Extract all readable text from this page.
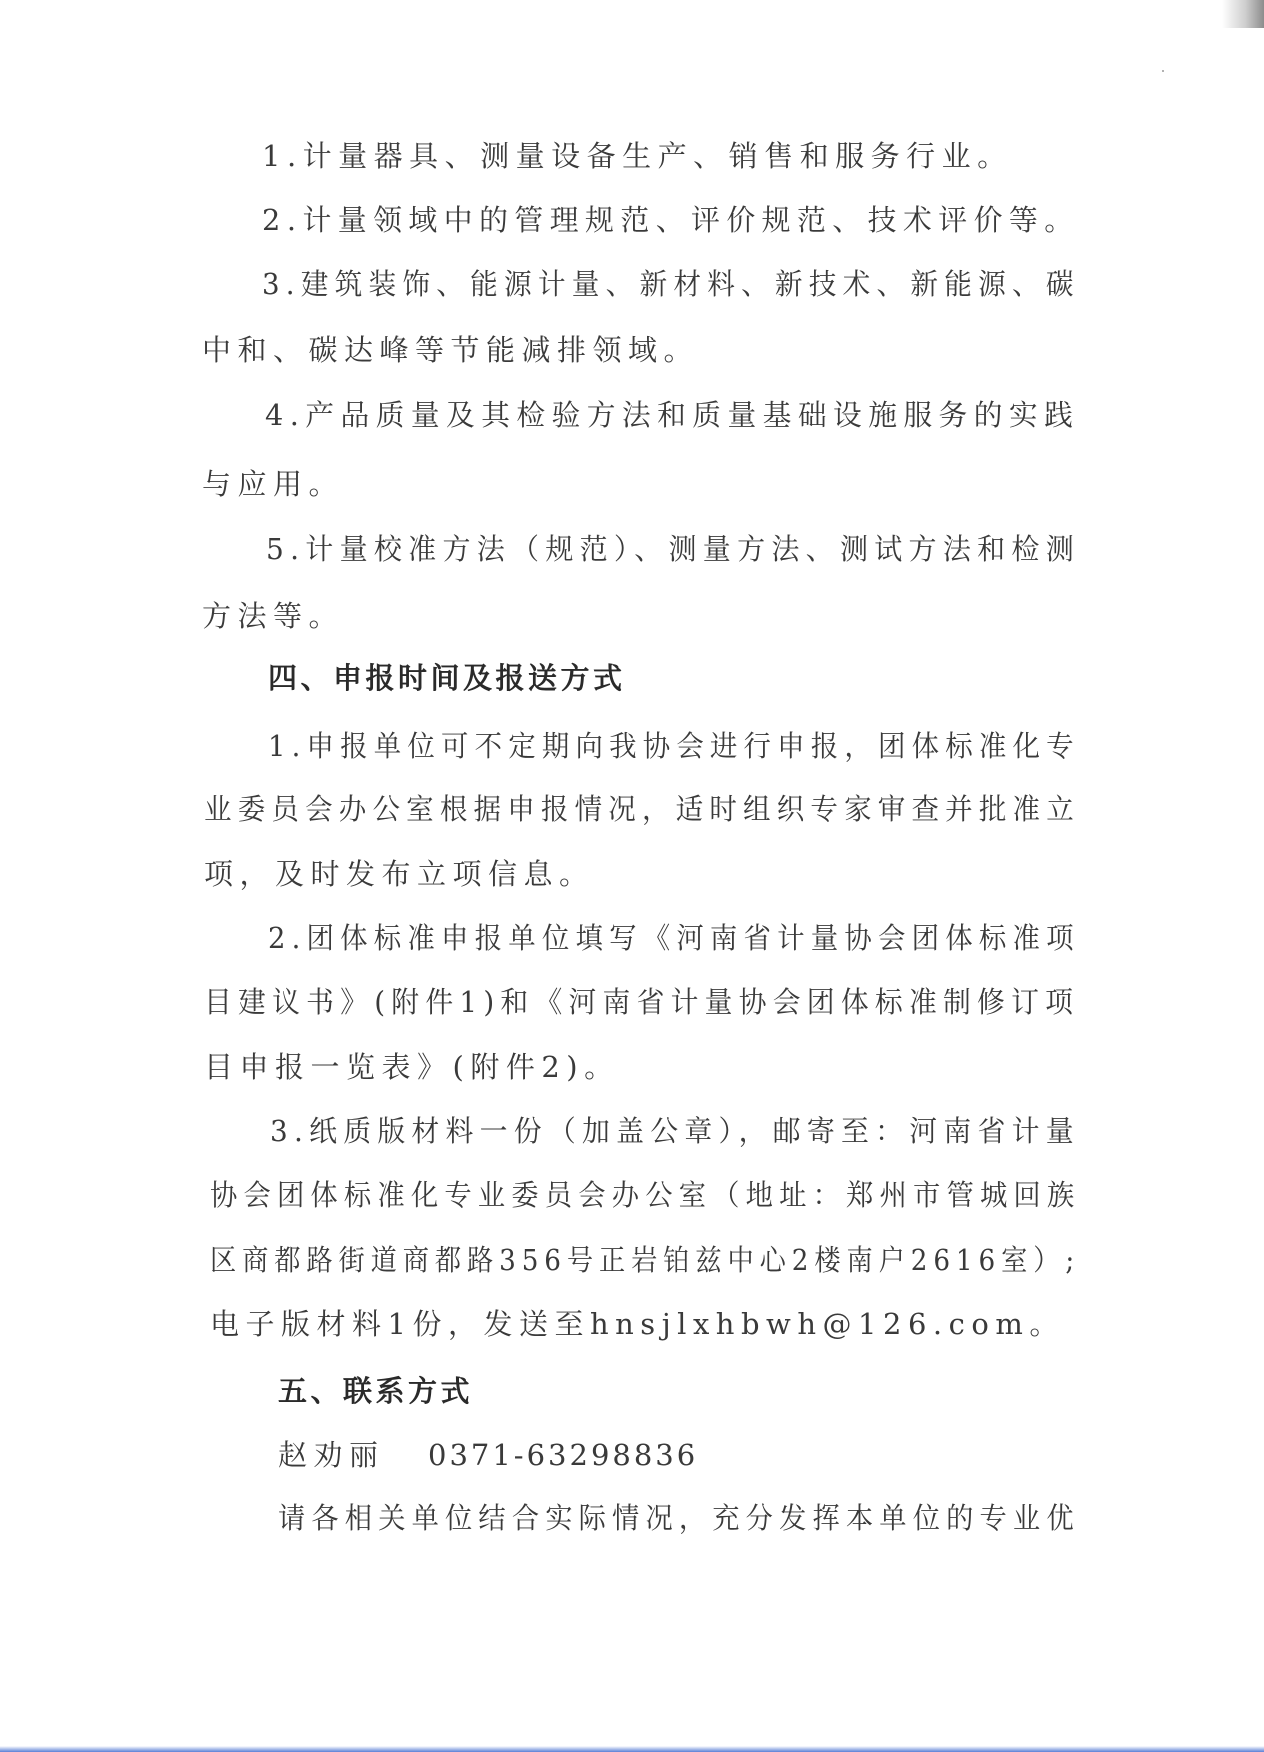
1.计量器具、测量设备生产、销售和服务行业。
2.计量领域中的管理规范、评价规范、技术评价等。
3.建筑装饰、能源计量、新材料、新技术、新能源、碳
中和、碳达峰等节能减排领域。
4.产品质量及其检验方法和质量基础设施服务的实践
与应用。
5.计量校准方法（规范）、测量方法、测试方法和检测
方法等。
四、申报时间及报送方式
1.申报单位可不定期向我协会进行申报，团体标准化专
业委员会办公室根据申报情况，适时组织专家审查并批准立
项，及时发布立项信息。
2.团体标准申报单位填写《河南省计量协会团体标准项
目建议书》(附件1)和《河南省计量协会团体标准制修订项
目申报一览表》(附件2)。
3.纸质版材料一份（加盖公章），邮寄至：河南省计量
协会团体标准化专业委员会办公室（地址：郑州市管城回族
区商都路街道商都路356号正岩铂兹中心2楼南户2616室）;
电子版材料1份，发送至hnsjlxhbwh@126.com。
五、联系方式
赵劝丽 0371-63298836
请各相关单位结合实际情况，充分发挥本单位的专业优
